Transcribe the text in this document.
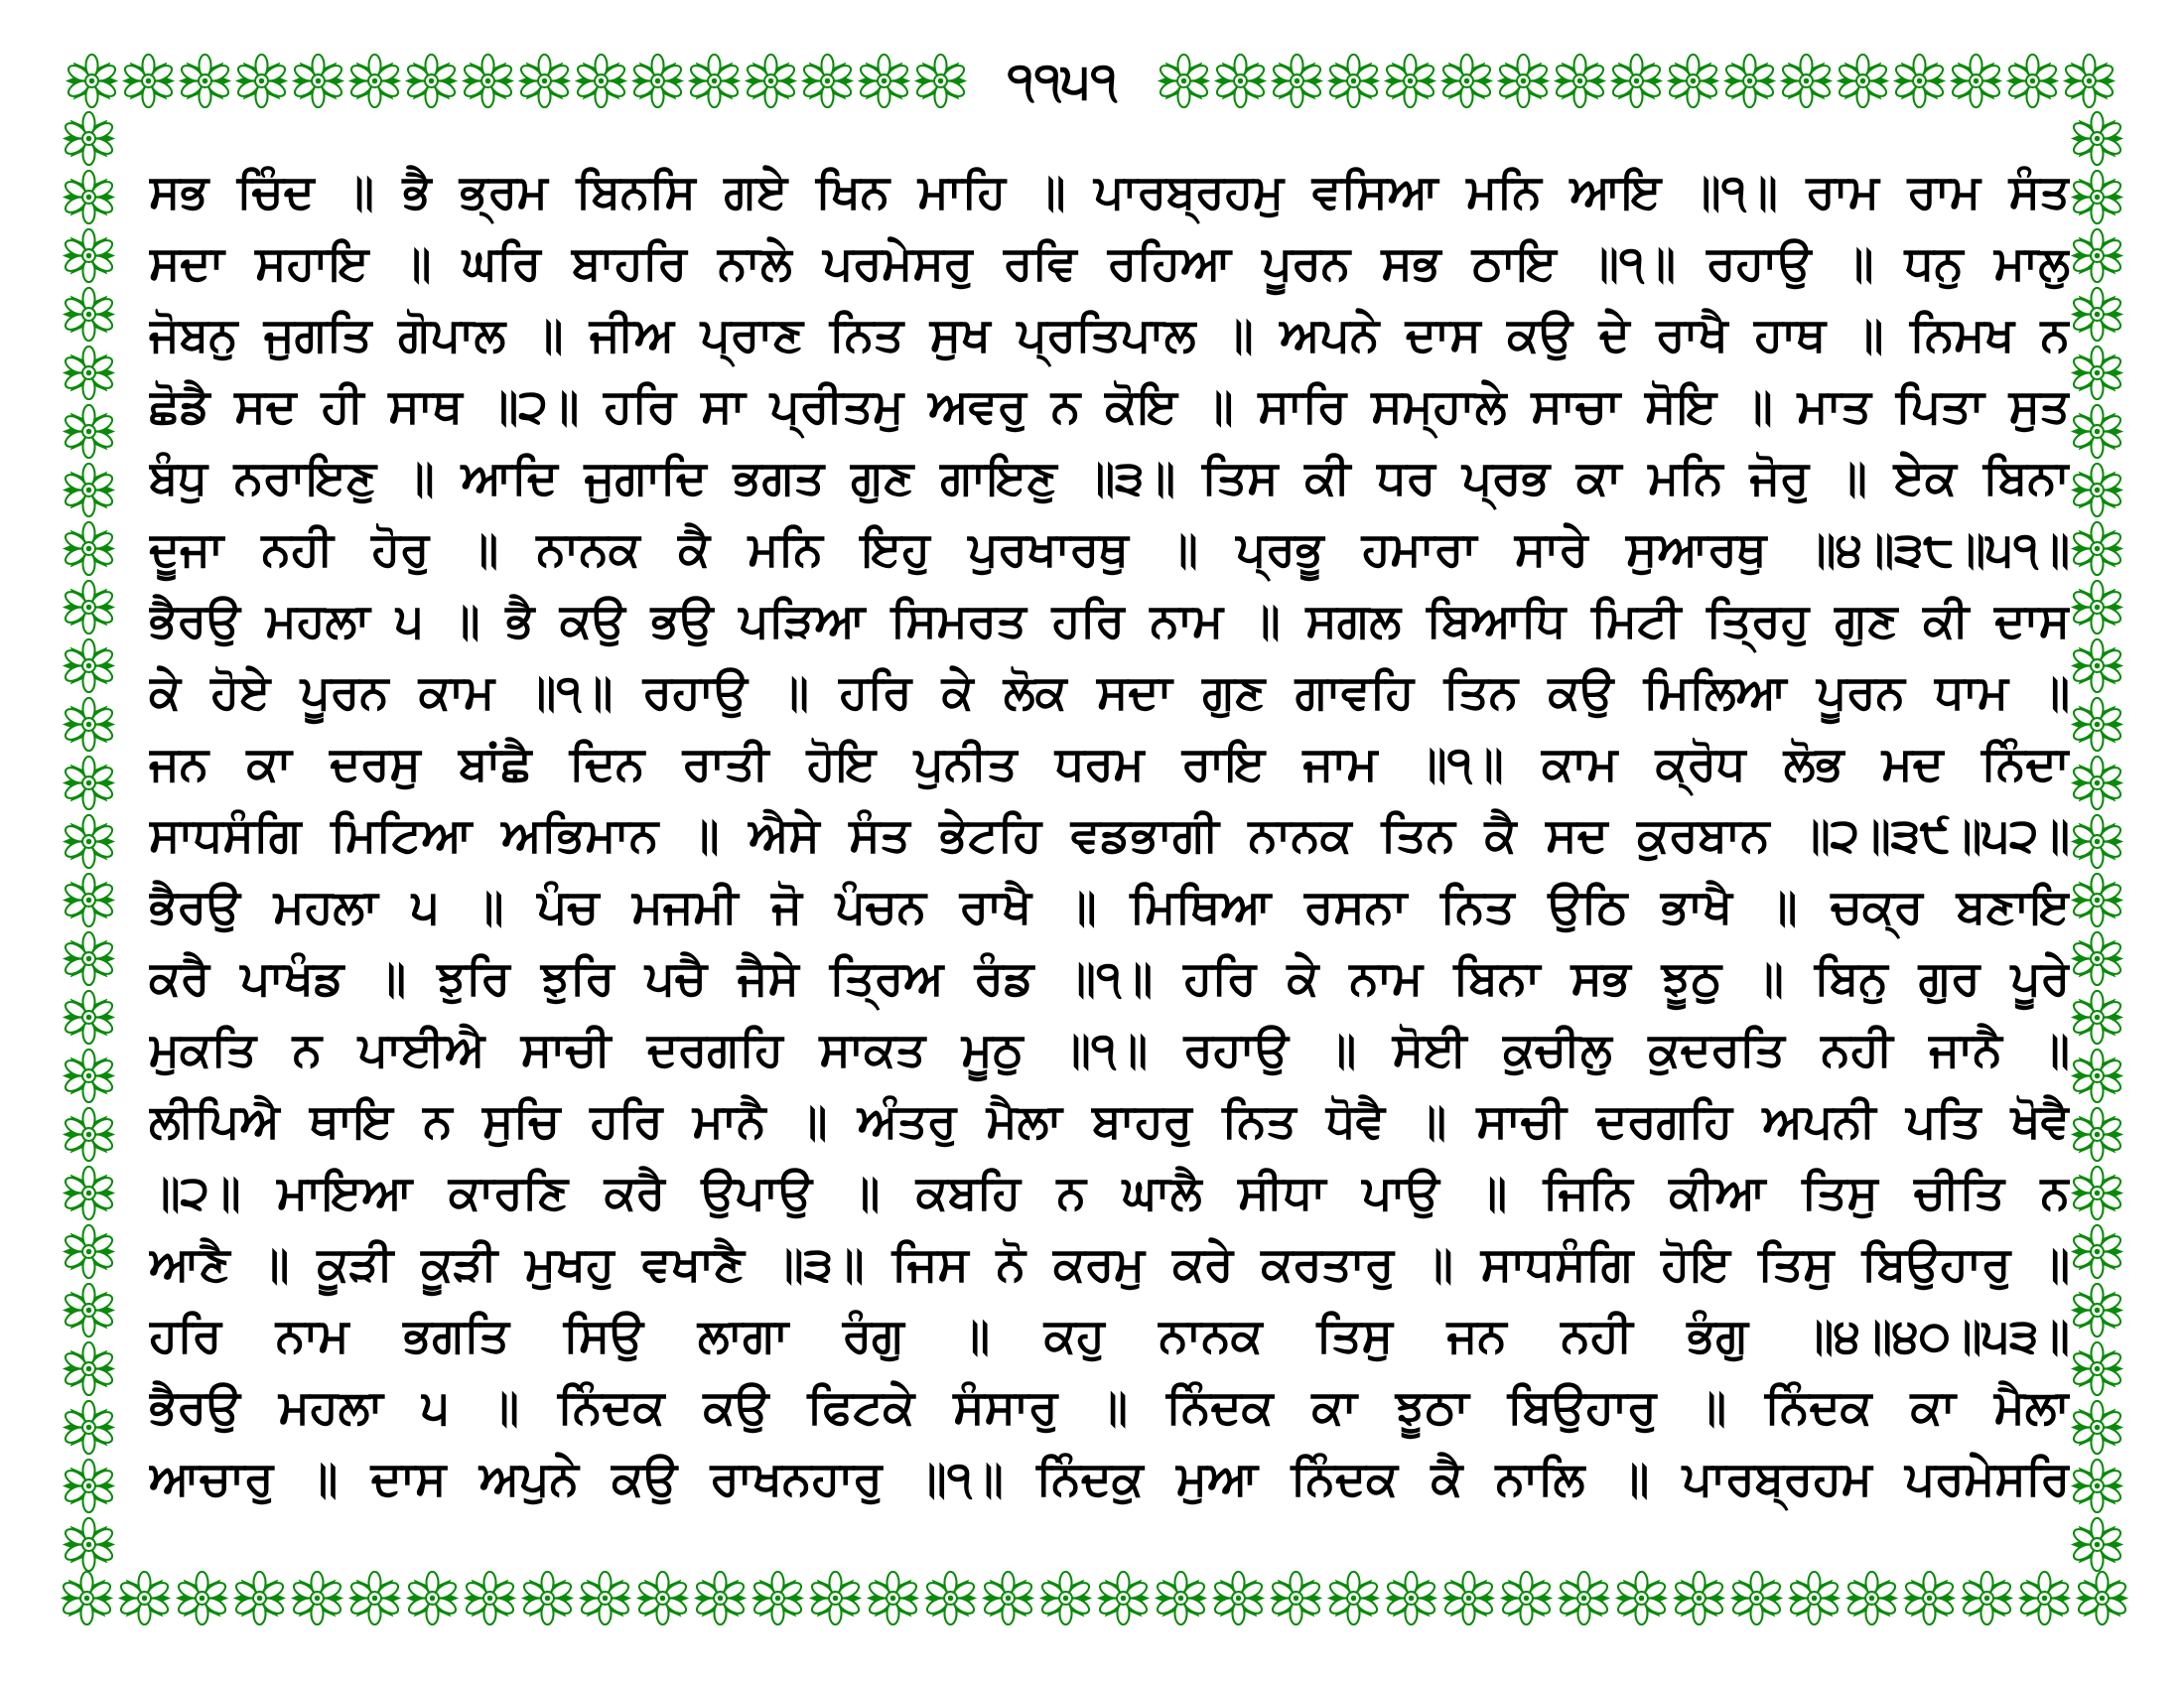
੧੧੫੧
ਸਭ ਚਿੰਦ ॥ ਭੈ ਭ੍ਰਮ ਬਿਨਸਿ ਗਏ ਖਿਨ ਮਾਹਿ ॥ ਪਾਰਬ੍ਰਹਮੁ ਵਸਿਆ ਮਨਿ ਆਇ ॥੧॥ ਰਾਮ ਰਾਮ ਸੰਤ
ਸਦਾ ਸਹਾਇ ॥ ਘਰਿ ਬਾਹਰਿ ਨਾਲੇ ਪਰਮੇਸਰੁ ਰਵਿ ਰਹਿਆ ਪੂਰਨ ਸਭ ਠਾਇ ॥੧॥ ਰਹਾਉ ॥ ਧਨੁ ਮਾਲੁ
ਜੋਬਨੁ ਜੁਗਤਿ ਗੋਪਾਲ ॥ ਜੀਅ ਪ੍ਰਾਣ ਨਿਤ ਸੁਖ ਪ੍ਰਤਿਪਾਲ ॥ ਅਪਨੇ ਦਾਸ ਕਉ ਦੇ ਰਾਖੈ ਹਾਥ ॥ ਨਿਮਖ ਨ
ਛੋਡੈ ਸਦ ਹੀ ਸਾਥ ॥੨॥ ਹਰਿ ਸਾ ਪ੍ਰੀਤਮੁ ਅਵਰੁ ਨ ਕੋਇ ॥ ਸਾਰਿ ਸਮ੍ਹਾਲੇ ਸਾਚਾ ਸੋਇ ॥ ਮਾਤ ਪਿਤਾ ਸੁਤ
ਬੰਧੁ ਨਰਾਇਣੁ ॥ ਆਦਿ ਜੁਗਾਦਿ ਭਗਤ ਗੁਣ ਗਾਇਣੁ ॥੩॥ ਤਿਸ ਕੀ ਧਰ ਪ੍ਰਭ ਕਾ ਮਨਿ ਜੋਰੁ ॥ ਏਕ ਬਿਨਾ
ਦੂਜਾ ਨਹੀ ਹੋਰੁ ॥ ਨਾਨਕ ਕੈ ਮਨਿ ਇਹੁ ਪੁਰਖਾਰਥੁ ॥ ਪ੍ਰਭੂ ਹਮਾਰਾ ਸਾਰੇ ਸੁਆਰਥੁ ॥੪॥੩੮॥੫੧॥
ਭੈਰਉ ਮਹਲਾ ੫ ॥ ਭੈ ਕਉ ਭਉ ਪੜਿਆ ਸਿਮਰਤ ਹਰਿ ਨਾਮ ॥ ਸਗਲ ਬਿਆਧਿ ਮਿਟੀ ਤ੍ਰਿਹੁ ਗੁਣ ਕੀ ਦਾਸ
ਕੇ ਹੋਏ ਪੂਰਨ ਕਾਮ ॥੧॥ ਰਹਾਉ ॥ ਹਰਿ ਕੇ ਲੋਕ ਸਦਾ ਗੁਣ ਗਾਵਹਿ ਤਿਨ ਕਉ ਮਿਲਿਆ ਪੂਰਨ ਧਾਮ ॥
ਜਨ ਕਾ ਦਰਸੁ ਬਾਂਛੈ ਦਿਨ ਰਾਤੀ ਹੋਇ ਪੁਨੀਤ ਧਰਮ ਰਾਇ ਜਾਮ ॥੧॥ ਕਾਮ ਕ੍ਰੋਧ ਲੋਭ ਮਦ ਨਿੰਦਾ
ਸਾਧਸੰਗਿ ਮਿਟਿਆ ਅਭਿਮਾਨ ॥ ਐਸੇ ਸੰਤ ਭੇਟਹਿ ਵਡਭਾਗੀ ਨਾਨਕ ਤਿਨ ਕੈ ਸਦ ਕੁਰਬਾਨ ॥੨॥੩੯॥੫੨॥
ਭੈਰਉ ਮਹਲਾ ੫ ॥ ਪੰਚ ਮਜਮੀ ਜੋ ਪੰਚਨ ਰਾਖੈ ॥ ਮਿਥਿਆ ਰਸਨਾ ਨਿਤ ਉਠਿ ਭਾਖੈ ॥ ਚਕ੍ਰ ਬਣਾਇ
ਕਰੈ ਪਾਖੰਡ ॥ ਝੁਰਿ ਝੁਰਿ ਪਚੈ ਜੈਸੇ ਤ੍ਰਿਅ ਰੰਡ ॥੧॥ ਹਰਿ ਕੇ ਨਾਮ ਬਿਨਾ ਸਭ ਝੂਠੁ ॥ ਬਿਨੁ ਗੁਰ ਪੂਰੇ
ਮੁਕਤਿ ਨ ਪਾਈਐ ਸਾਚੀ ਦਰਗਹਿ ਸਾਕਤ ਮੂਠੁ ॥੧॥ ਰਹਾਉ ॥ ਸੋਈ ਕੁਚੀਲੁ ਕੁਦਰਤਿ ਨਹੀ ਜਾਨੈ ॥
ਲੀਪਿਐ ਥਾਇ ਨ ਸੁਚਿ ਹਰਿ ਮਾਨੈ ॥ ਅੰਤਰੁ ਮੈਲਾ ਬਾਹਰੁ ਨਿਤ ਧੋਵੈ ॥ ਸਾਚੀ ਦਰਗਹਿ ਅਪਨੀ ਪਤਿ ਖੋਵੈ
॥੨॥ ਮਾਇਆ ਕਾਰਣਿ ਕਰੈ ਉਪਾਉ ॥ ਕਬਹਿ ਨ ਘਾਲੈ ਸੀਧਾ ਪਾਉ ॥ ਜਿਨਿ ਕੀਆ ਤਿਸੁ ਚੀਤਿ ਨ
ਆਣੈ ॥ ਕੂੜੀ ਕੂੜੀ ਮੁਖਹੁ ਵਖਾਣੈ ॥੩॥ ਜਿਸ ਨੋ ਕਰਮੁ ਕਰੇ ਕਰਤਾਰੁ ॥ ਸਾਧਸੰਗਿ ਹੋਇ ਤਿਸੁ ਬਿਉਹਾਰੁ ॥
ਹਰਿ ਨਾਮ ਭਗਤਿ ਸਿਉ ਲਾਗਾ ਰੰਗੁ ॥ ਕਹੁ ਨਾਨਕ ਤਿਸੁ ਜਨ ਨਹੀ ਭੰਗੁ ॥੪॥੪੦॥੫੩॥
ਭੈਰਉ ਮਹਲਾ ੫ ॥ ਨਿੰਦਕ ਕਉ ਫਿਟਕੇ ਸੰਸਾਰੁ ॥ ਨਿੰਦਕ ਕਾ ਝੂਠਾ ਬਿਉਹਾਰੁ ॥ ਨਿੰਦਕ ਕਾ ਮੈਲਾ
ਆਚਾਰੁ ॥ ਦਾਸ ਅਪੁਨੇ ਕਉ ਰਾਖਨਹਾਰੁ ॥੧॥ ਨਿੰਦਕੁ ਮੁਆ ਨਿੰਦਕ ਕੈ ਨਾਲਿ ॥ ਪਾਰਬ੍ਰਹਮ ਪਰਮੇਸਰਿ
